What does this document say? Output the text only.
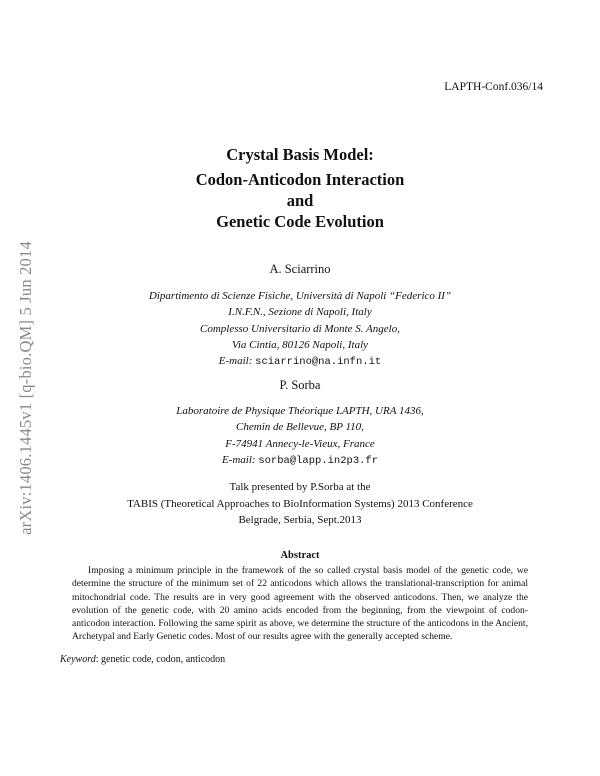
arXiv:1406.1445v1 [q-bio.QM] 5 Jun 2014
LAPTH-Conf.036/14
Crystal Basis Model:
Codon-Anticodon Interaction
and
Genetic Code Evolution
A. Sciarrino
Dipartimento di Scienze Fisiche, Università di Napoli “Federico II”
I.N.F.N., Sezione di Napoli, Italy
Complesso Universitario di Monte S. Angelo,
Via Cintia, 80126 Napoli, Italy
E-mail: sciarrino@na.infn.it
P. Sorba
Laboratoire de Physique Théorique LAPTH, URA 1436,
Chemin de Bellevue, BP 110,
F-74941 Annecy-le-Vieux, France
E-mail: sorba@lapp.in2p3.fr
Talk presented by P.Sorba at the
TABIS (Theoretical Approaches to BioInformation Systems) 2013 Conference
Belgrade, Serbia, Sept.2013
Abstract
Imposing a minimum principle in the framework of the so called crystal basis model of the genetic code, we determine the structure of the minimum set of 22 anticodons which allows the translational-transcription for animal mitochondrial code. The results are in very good agreement with the observed anticodons. Then, we analyze the evolution of the genetic code, with 20 amino acids encoded from the beginning, from the viewpoint of codon-anticodon interaction. Following the same spirit as above, we determine the structure of the anticodons in the Ancient, Archetypal and Early Genetic codes. Most of our results agree with the generally accepted scheme.
Keyword: genetic code, codon, anticodon
